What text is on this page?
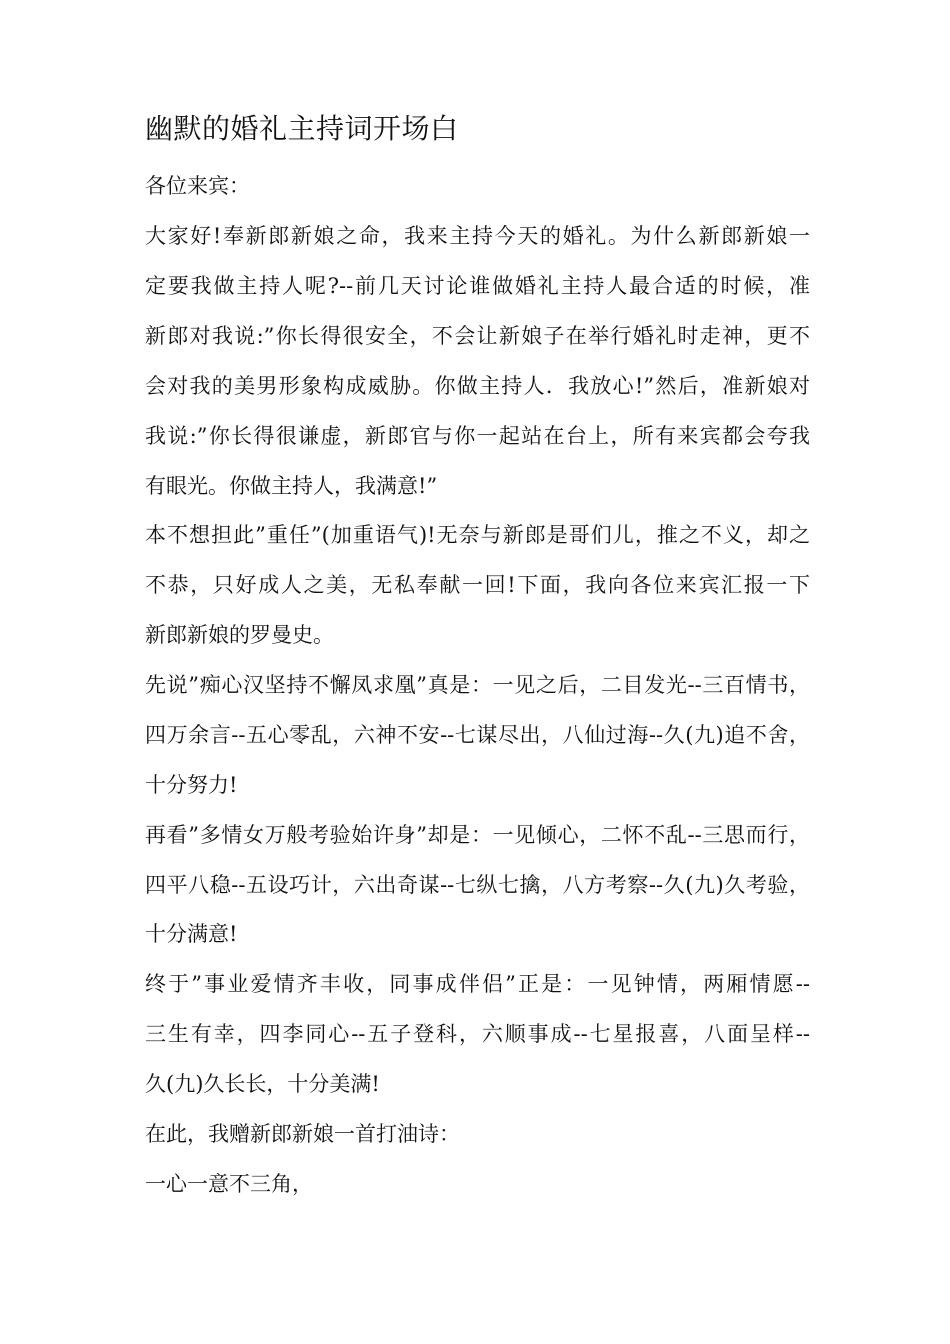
幽默的婚礼主持词开场白
各位来宾：
大家好!奉新郎新娘之命，我来主持今天的婚礼。为什么新郎新娘一
定要我做主持人呢?--前几天讨论谁做婚礼主持人最合适的时候，准
新郎对我说:”你长得很安全，不会让新娘子在举行婚礼时走神，更不
会对我的美男形象构成威胁。你做主持人．我放心!”然后，准新娘对
我说:”你长得很谦虚，新郎官与你一起站在台上，所有来宾都会夸我
有眼光。你做主持人，我满意!”
本不想担此”重任”(加重语气)!无奈与新郎是哥们儿，推之不义，却之
不恭，只好成人之美，无私奉献一回!下面，我向各位来宾汇报一下
新郎新娘的罗曼史。
先说”痴心汉坚持不懈凤求凰”真是：一见之后，二目发光--三百情书，
四万余言--五心零乱，六神不安--七谋尽出，八仙过海--久(九)追不舍，
十分努力!
再看”多情女万般考验始许身”却是：一见倾心，二怀不乱--三思而行，
四平八稳--五设巧计，六出奇谋--七纵七擒，八方考察--久(九)久考验，
十分满意!
终于”事业爱情齐丰收，同事成伴侣”正是：一见钟情，两厢情愿--
三生有幸，四李同心--五子登科，六顺事成--七星报喜，八面呈样--
久(九)久长长，十分美满!
在此，我赠新郎新娘一首打油诗：
一心一意不三角，
